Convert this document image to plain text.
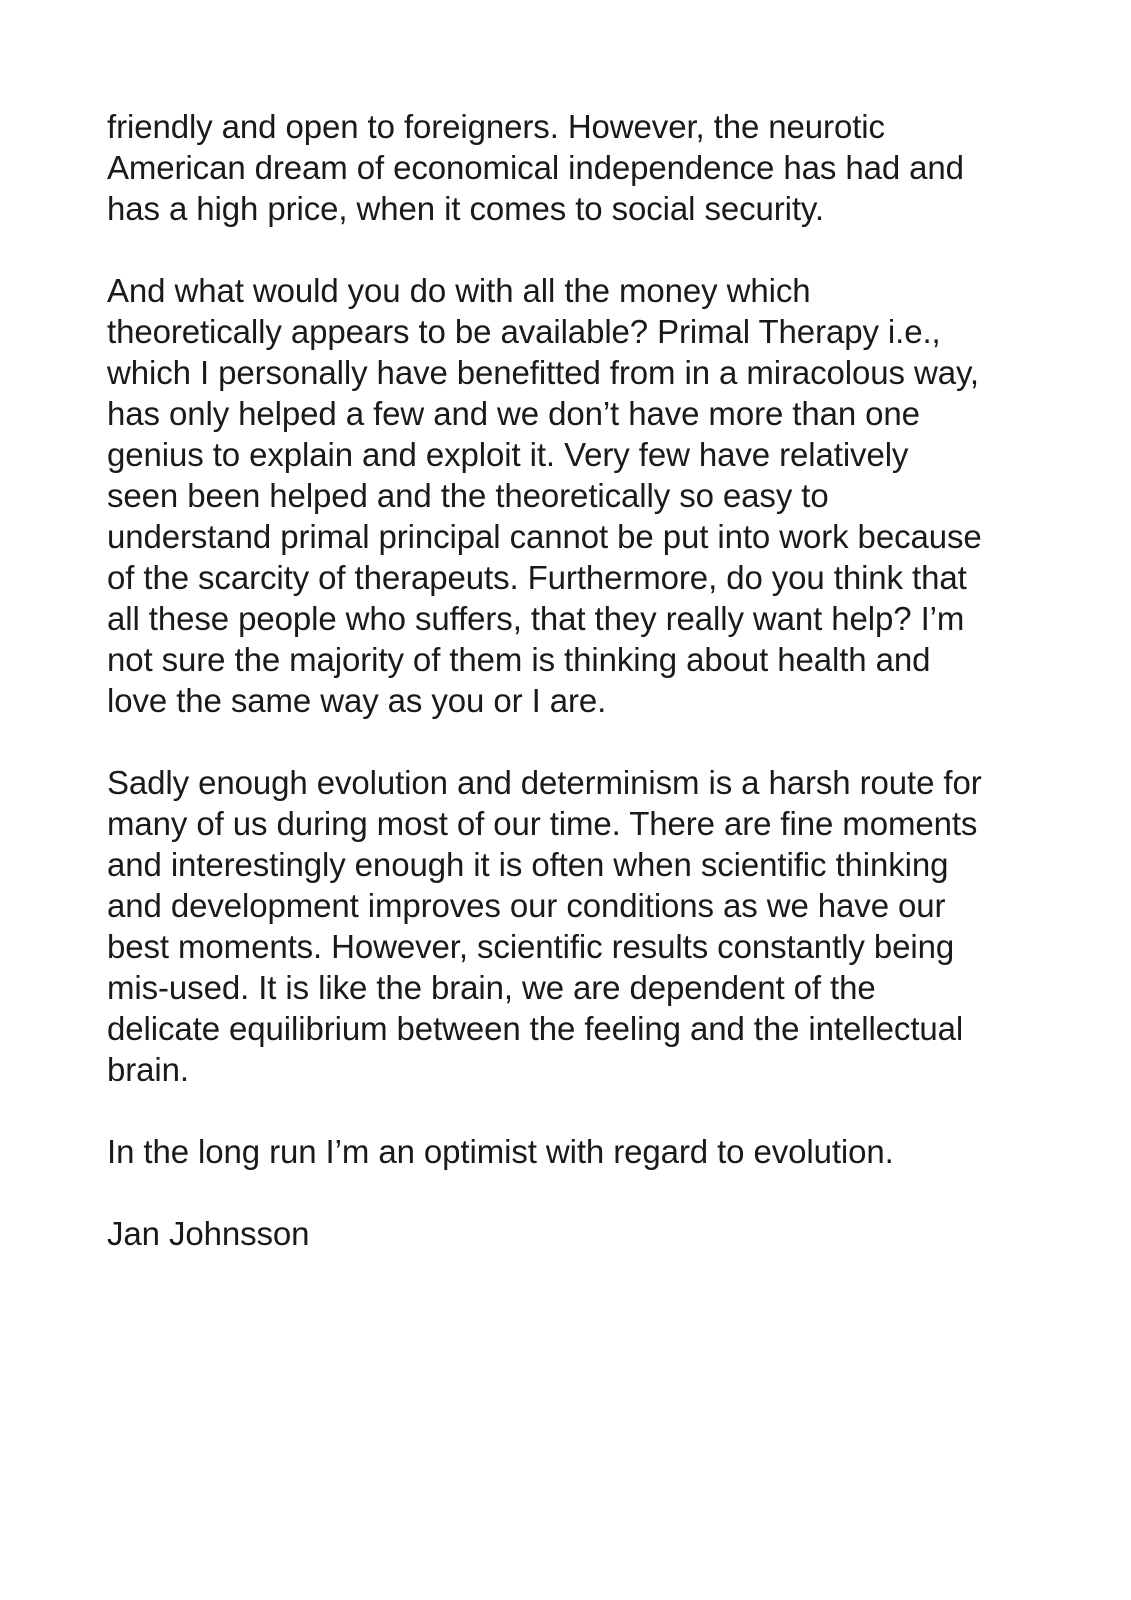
friendly and open to foreigners. However, the neurotic
American dream of economical independence has had and
has a high price, when it comes to social security.

And what would you do with all the money which
theoretically appears to be available? Primal Therapy i.e.,
which I personally have benefitted from in a miracolous way,
has only helped a few and we don’t have more than one
genius to explain and exploit it. Very few have relatively
seen been helped and the theoretically so easy to
understand primal principal cannot be put into work because
of the scarcity of therapeuts. Furthermore, do you think that
all these people who suffers, that they really want help? I’m
not sure the majority of them is thinking about health and
love the same way as you or I are.

Sadly enough evolution and determinism is a harsh route for
many of us during most of our time. There are fine moments
and interestingly enough it is often when scientific thinking
and development improves our conditions as we have our
best moments. However, scientific results constantly being
mis-used. It is like the brain, we are dependent of the
delicate equilibrium between the feeling and the intellectual
brain.

In the long run I’m an optimist with regard to evolution.

Jan Johnsson
